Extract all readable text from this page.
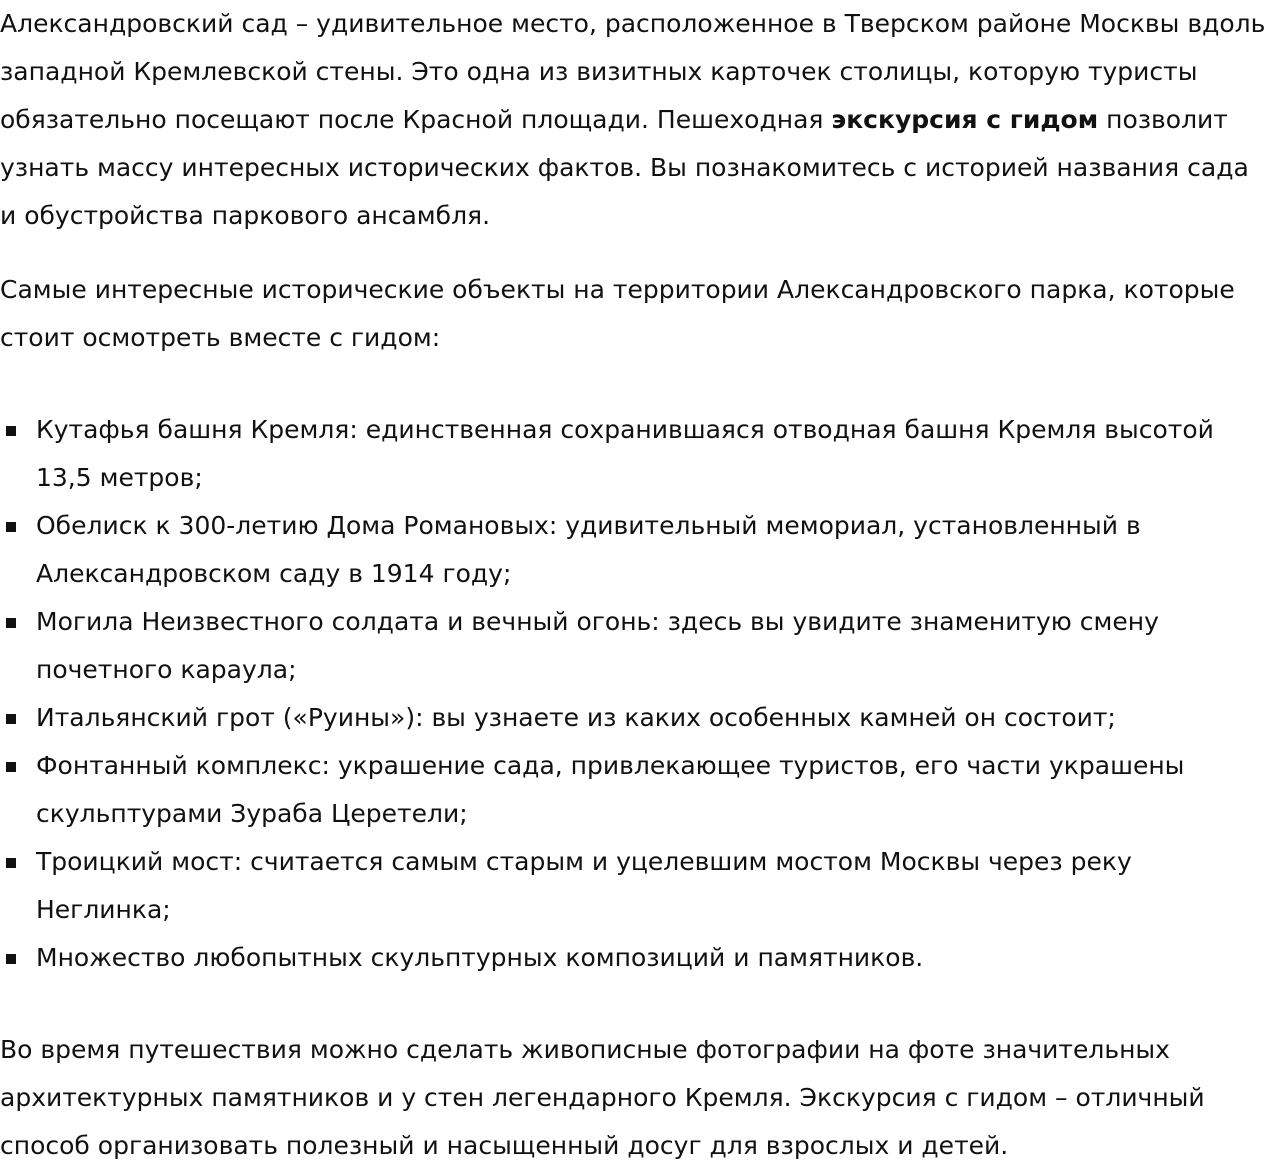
Александровский сад – удивительное место, расположенное в Тверском районе Москвы вдоль западной Кремлевской стены. Это одна из визитных карточек столицы, которую туристы обязательно посещают после Красной площади. Пешеходная экскурсия с гидом позволит узнать массу интересных исторических фактов. Вы познакомитесь с историей названия сада и обустройства паркового ансамбля.

Самые интересные исторические объекты на территории Александровского парка, которые стоит осмотреть вместе с гидом:

Кутафья башня Кремля: единственная сохранившаяся отводная башня Кремля высотой 13,5 метров;
Обелиск к 300-летию Дома Романовых: удивительный мемориал, установленный в Александровском саду в 1914 году;
Могила Неизвестного солдата и вечный огонь: здесь вы увидите знаменитую смену почетного караула;
Итальянский грот («Руины»): вы узнаете из каких особенных камней он состоит;
Фонтанный комплекс: украшение сада, привлекающее туристов, его части украшены скульптурами Зураба Церетели;
Троицкий мост: считается самым старым и уцелевшим мостом Москвы через реку Неглинка;
Множество любопытных скульптурных композиций и памятников.

Во время путешествия можно сделать живописные фотографии на фоте значительных архитектурных памятников и у стен легендарного Кремля. Экскурсия с гидом – отличный способ организовать полезный и насыщенный досуг для взрослых и детей.
